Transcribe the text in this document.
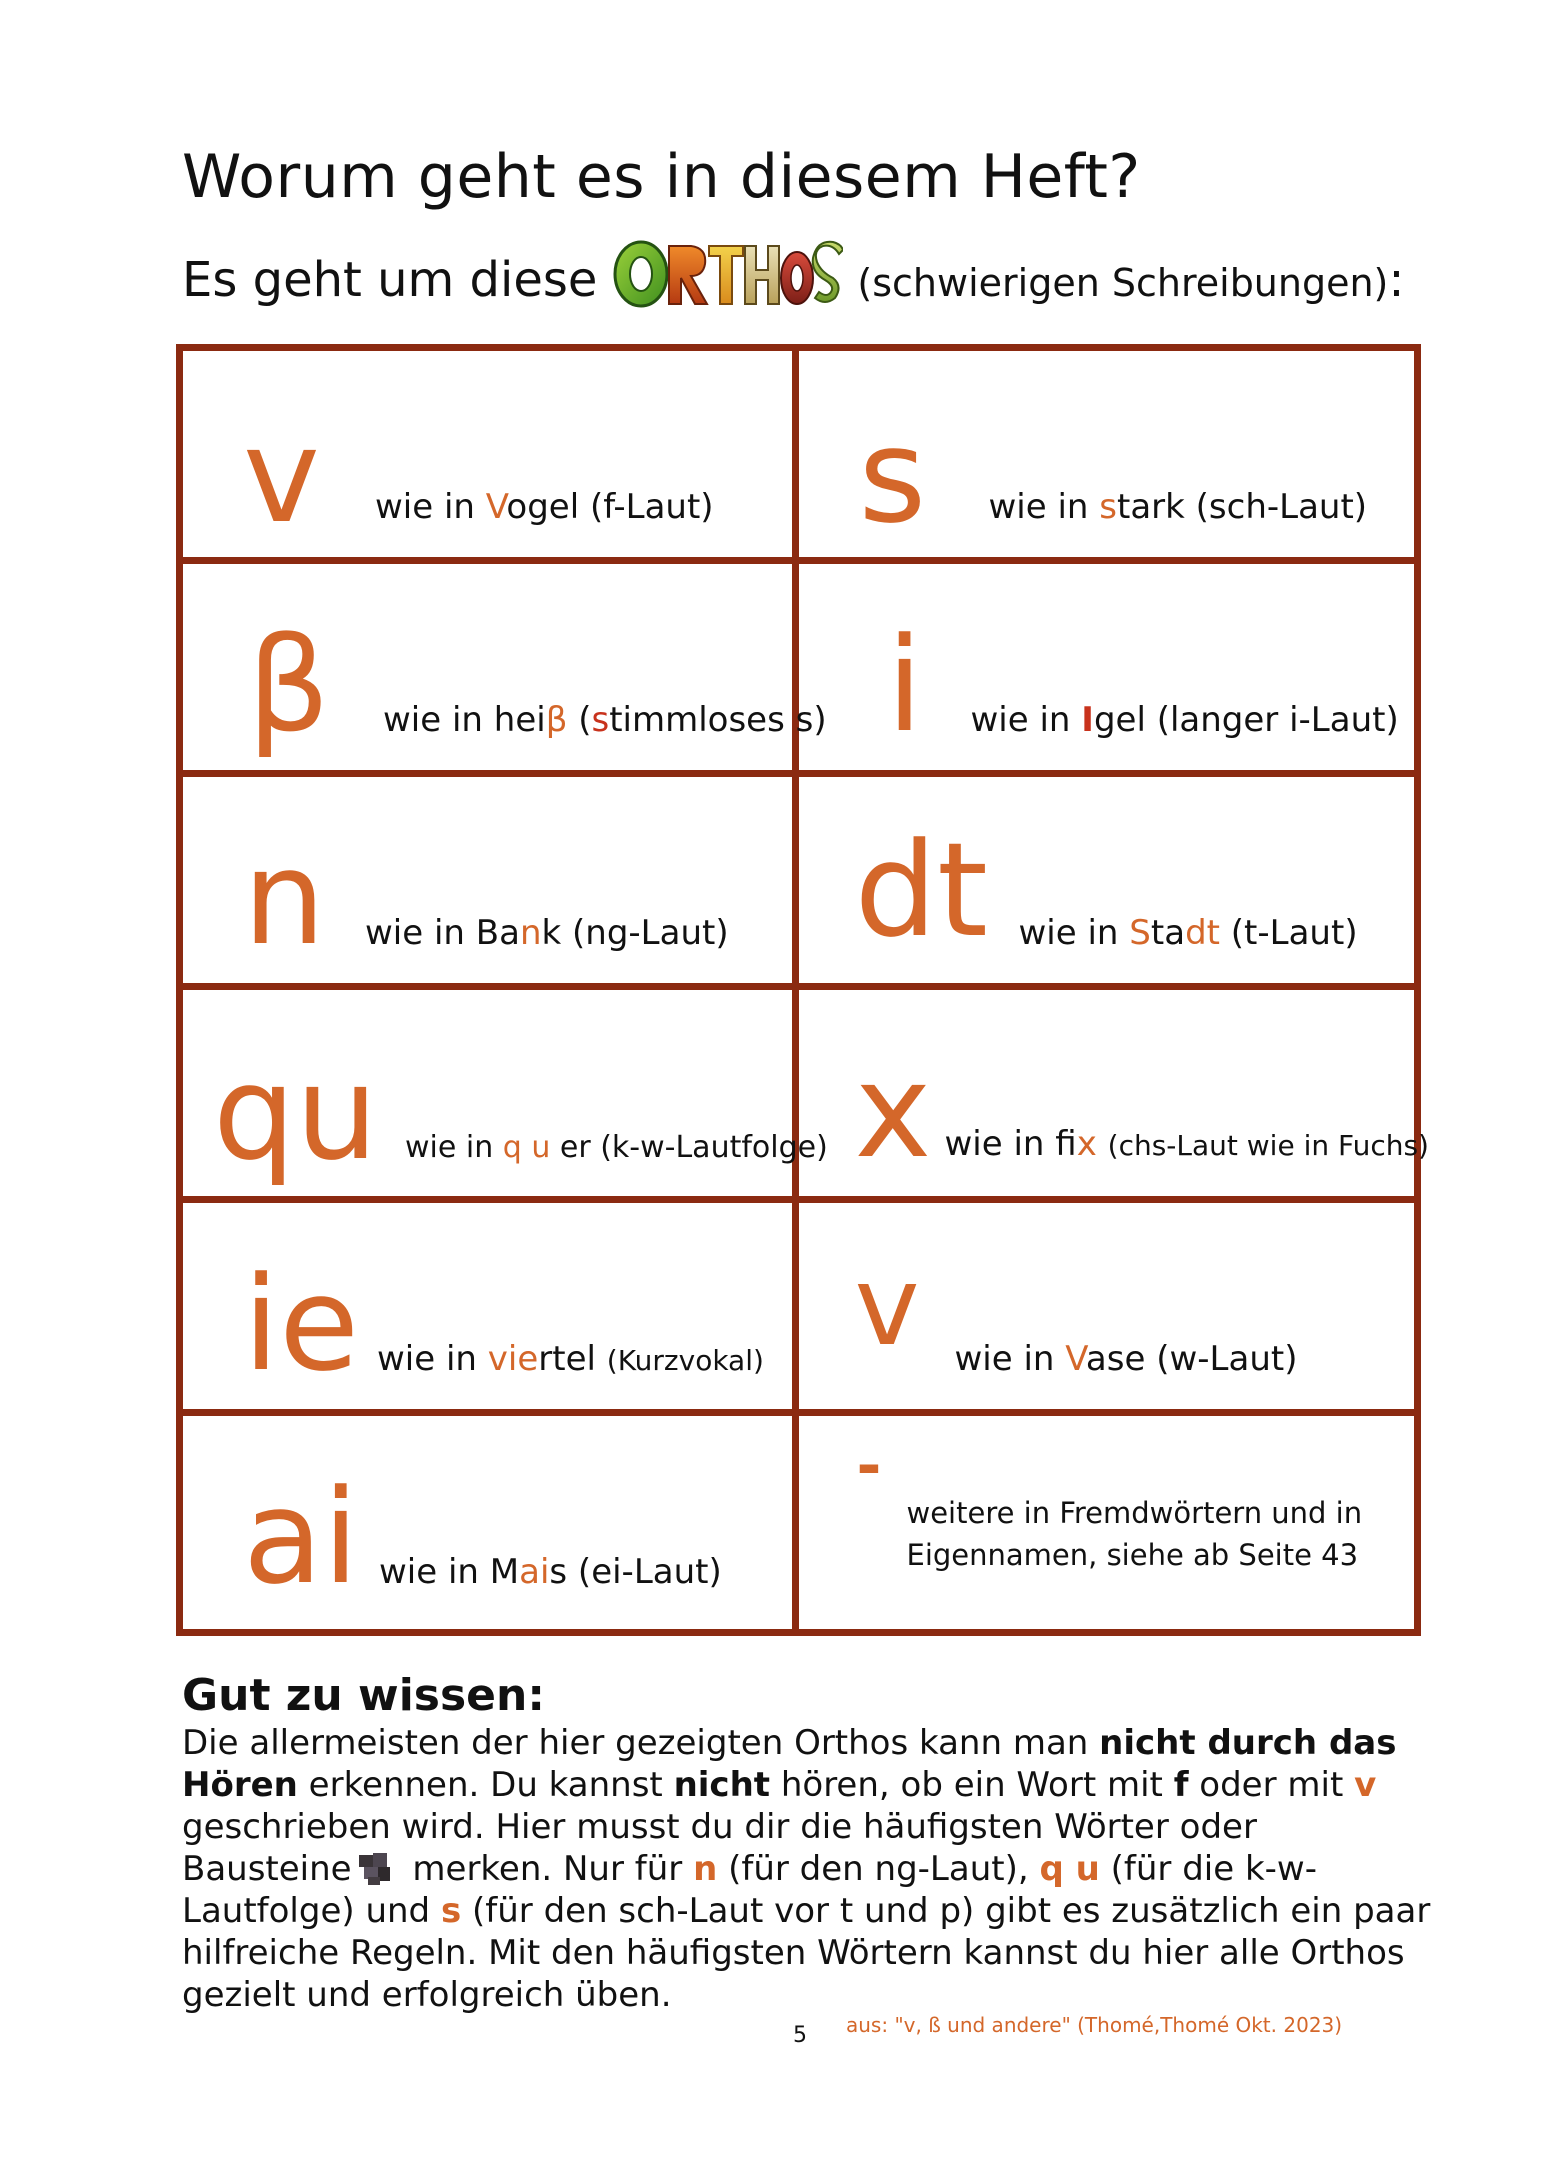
Worum geht es in diesem Heft?
Es geht um diese	(schwierigen Schreibungen):
v wie in Vogel (f-Laut) s wie in stark (sch-Laut)
β wie in heiβ (stimmloses s) i wie in Igel (langer i-Laut)
n wie in Bank (ng-Laut) dt wie in Stadt (t-Laut)
qu wie in q u er (k-w-Lautfolge) x wie in fix (chs-Laut wie in Fuchs)
ie wie in viertel (Kurzvokal) v wie in Vase (w-Laut)
ai wie in Mais (ei-Laut)
-
weitere in Fremdwörtern und in
Eigennamen, siehe ab Seite 43
Gut zu wissen:

Die allermeisten der hier gezeigten Orthos kann man nicht durch das Hören erkennen. Du kannst nicht hören, ob ein Wort mit f oder mit v geschrieben wird. Hier musst du dir die häufigsten Wörter oder Bausteine merken. Nur für n (für den ng-Laut), q u (für die k-w-Lautfolge) und s (für den sch-Laut vor t und p) gibt es zusätzlich ein paar hilfreiche Regeln. Mit den häufigsten Wörtern kannst du hier alle Orthos gezielt und erfolgreich üben.

5 aus: "v, ß und andere" (Thomé,Thomé Okt. 2023)
